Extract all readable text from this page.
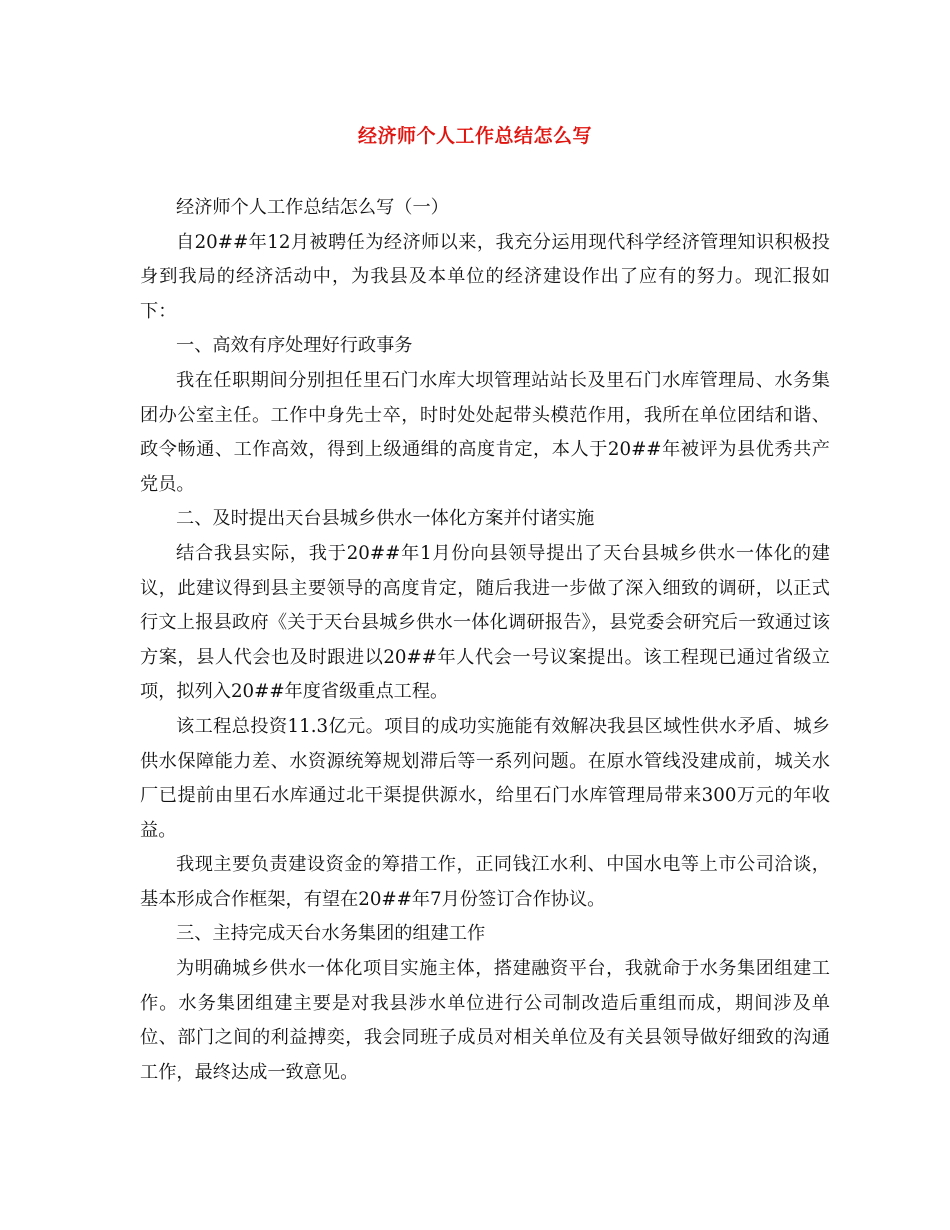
经济师个人工作总结怎么写

经济师个人工作总结怎么写（一）

自20##年12月被聘任为经济师以来，我充分运用现代科学经济管理知识积极投身到我局的经济活动中，为我县及本单位的经济建设作出了应有的努力。现汇报如下：

一、高效有序处理好行政事务

我在任职期间分别担任里石门水库大坝管理站站长及里石门水库管理局、水务集团办公室主任。工作中身先士卒，时时处处起带头模范作用，我所在单位团结和谐、政令畅通、工作高效，得到上级通缉的高度肯定，本人于20##年被评为县优秀共产党员。

二、及时提出天台县城乡供水一体化方案并付诸实施

结合我县实际，我于20##年1月份向县领导提出了天台县城乡供水一体化的建议，此建议得到县主要领导的高度肯定，随后我进一步做了深入细致的调研，以正式行文上报县政府《关于天台县城乡供水一体化调研报告》，县党委会研究后一致通过该方案，县人代会也及时跟进以20##年人代会一号议案提出。该工程现已通过省级立项，拟列入20##年度省级重点工程。

该工程总投资11.3亿元。项目的成功实施能有效解决我县区域性供水矛盾、城乡供水保障能力差、水资源统筹规划滞后等一系列问题。在原水管线没建成前，城关水厂已提前由里石水库通过北干渠提供源水，给里石门水库管理局带来300万元的年收益。

我现主要负责建设资金的筹措工作，正同钱江水利、中国水电等上市公司洽谈，基本形成合作框架，有望在20##年7月份签订合作协议。

三、主持完成天台水务集团的组建工作

为明确城乡供水一体化项目实施主体，搭建融资平台，我就命于水务集团组建工作。水务集团组建主要是对我县涉水单位进行公司制改造后重组而成，期间涉及单位、部门之间的利益搏奕，我会同班子成员对相关单位及有关县领导做好细致的沟通工作，最终达成一致意见。
